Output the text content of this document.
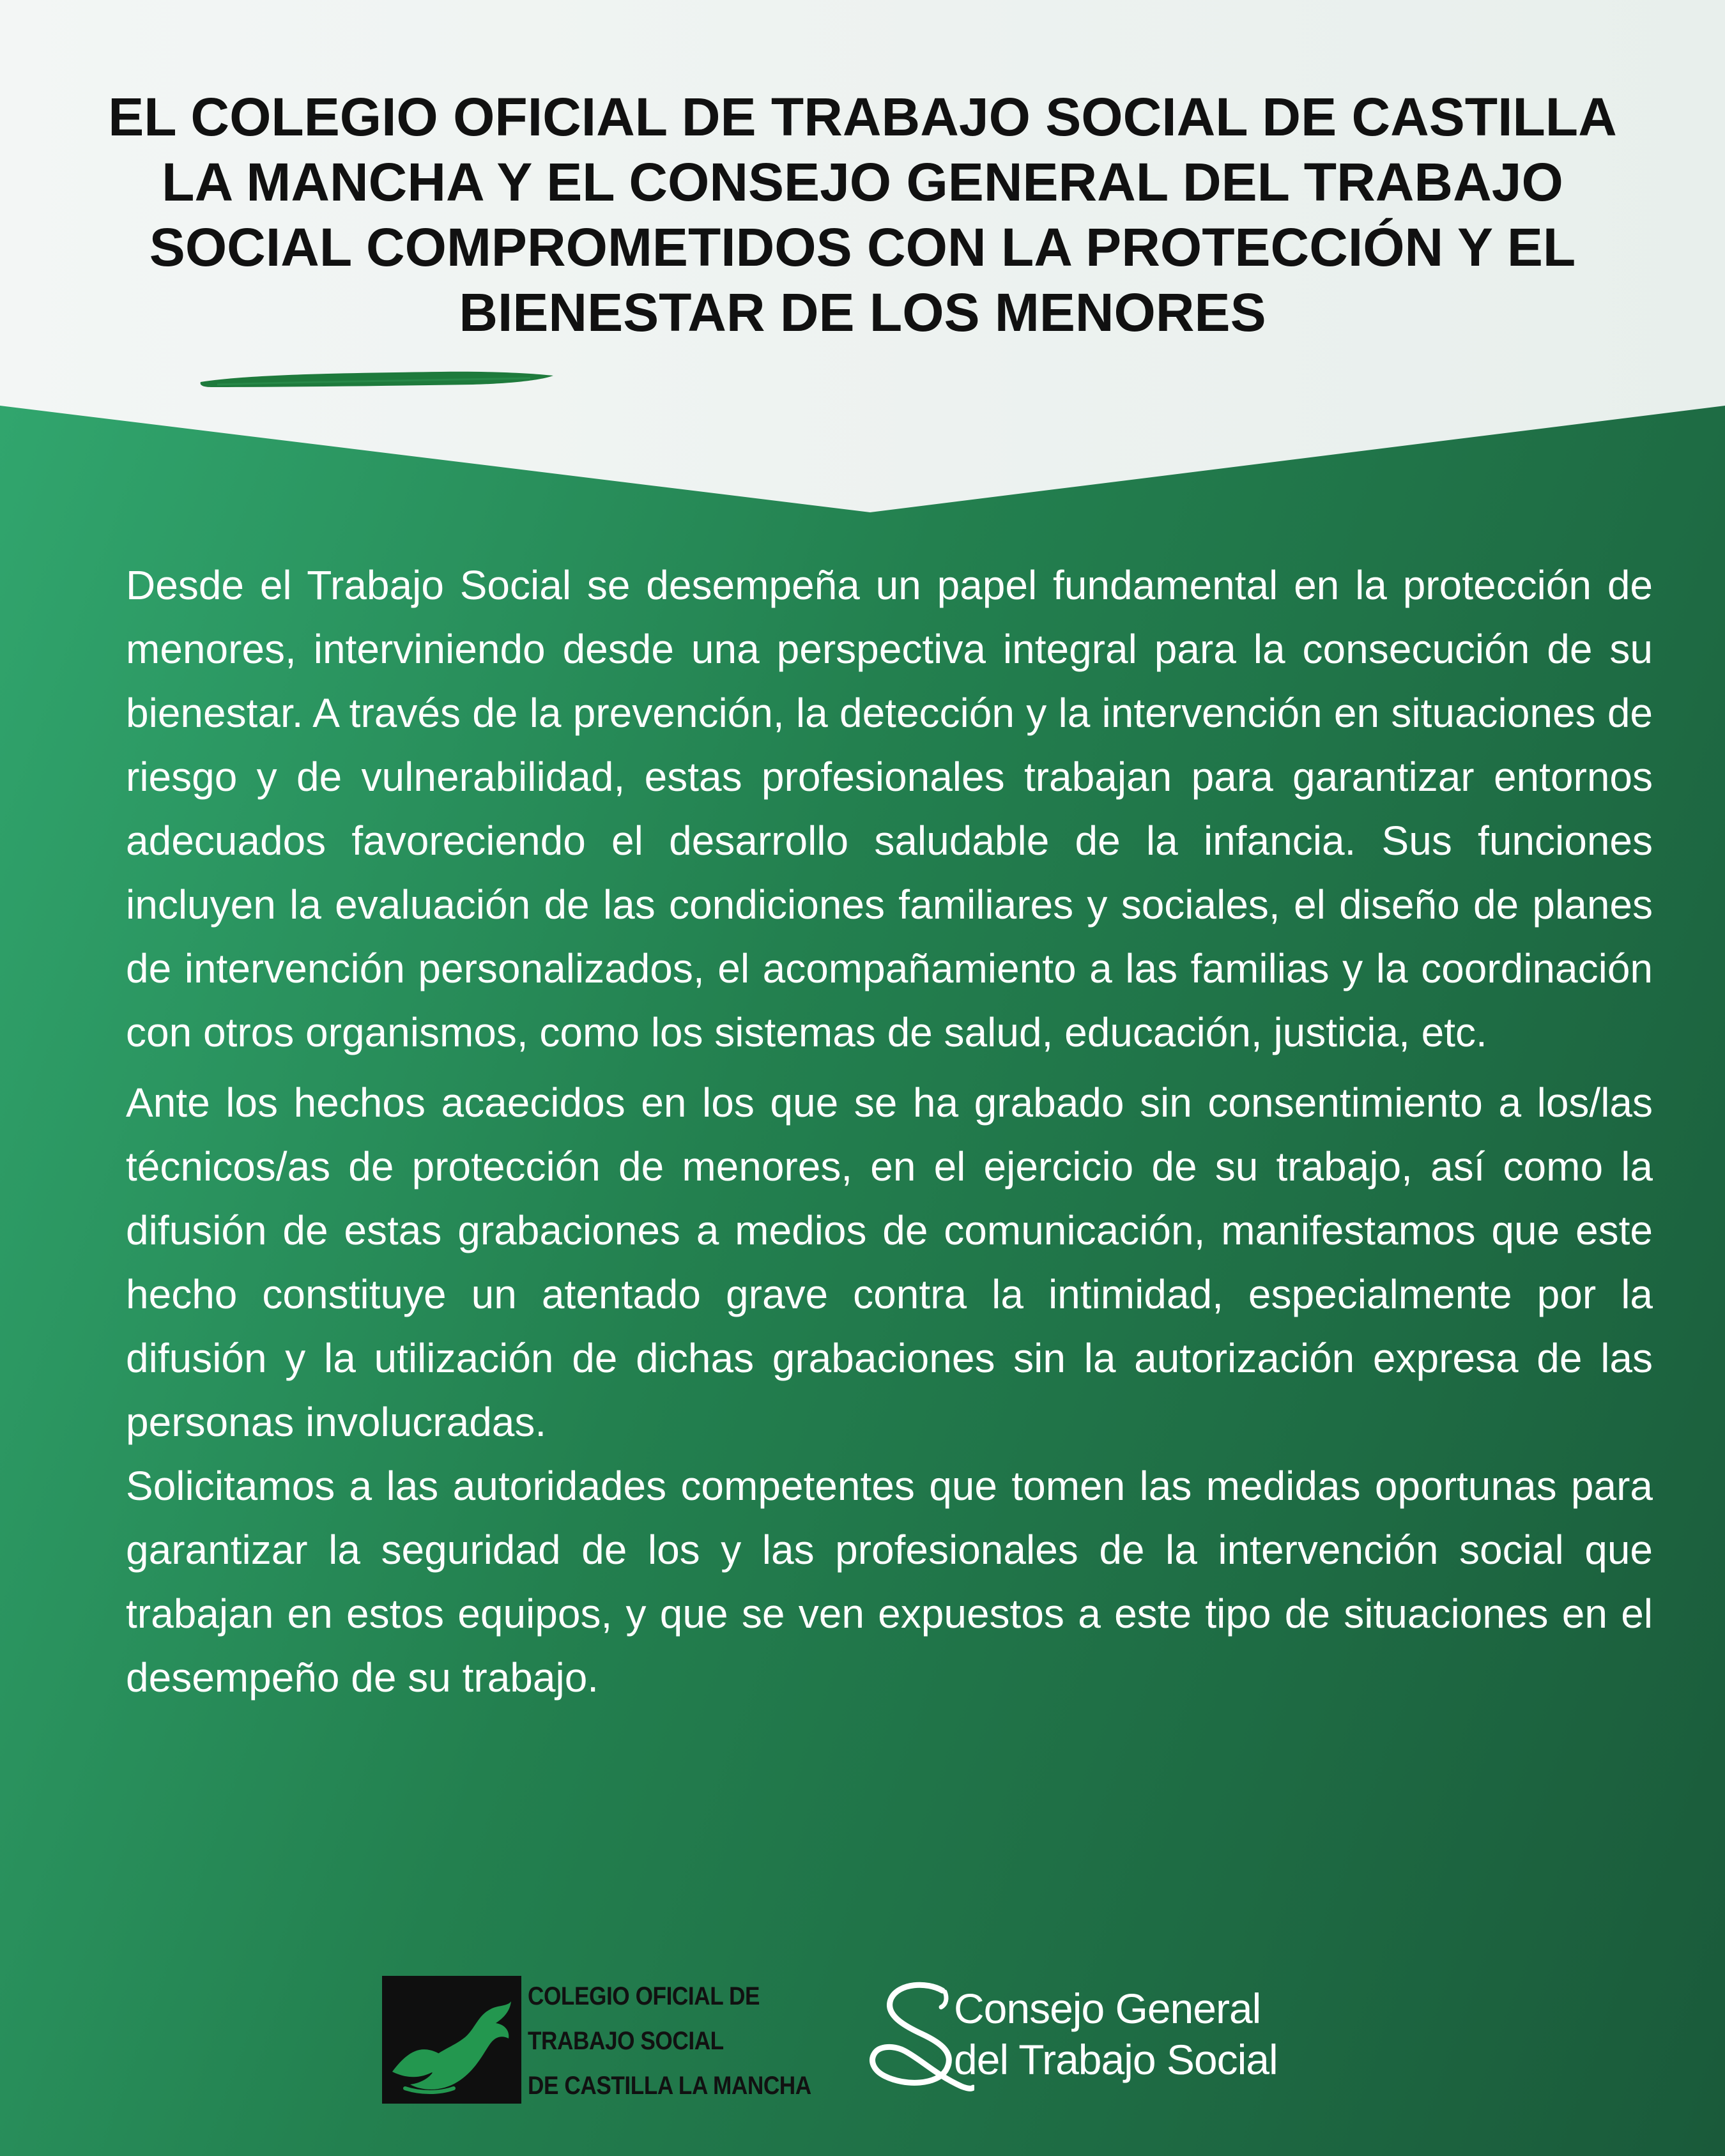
EL COLEGIO OFICIAL DE TRABAJO SOCIAL DE CASTILLA LA MANCHA Y EL CONSEJO GENERAL DEL TRABAJO SOCIAL COMPROMETIDOS CON LA PROTECCIÓN Y EL BIENESTAR DE LOS MENORES

Desde el Trabajo Social se desempeña un papel fundamental en la protección de menores, interviniendo desde una perspectiva integral para la consecución de su bienestar. A través de la prevención, la detección y la intervención en situaciones de riesgo y de vulnerabilidad, estas profesionales trabajan para garantizar entornos adecuados favoreciendo el desarrollo saludable de la infancia. Sus funciones incluyen la evaluación de las condiciones familiares y sociales, el diseño de planes de intervención personalizados, el acompañamiento a las familias y la coordinación con otros organismos, como los sistemas de salud, educación, justicia, etc.

Ante los hechos acaecidos en los que se ha grabado sin consentimiento a los/las técnicos/as de protección de menores, en el ejercicio de su trabajo, así como la difusión de estas grabaciones a medios de comunicación, manifestamos que este hecho constituye un atentado grave contra la intimidad, especialmente por la difusión y la utilización de dichas grabaciones sin la autorización expresa de las personas involucradas.

Solicitamos a las autoridades competentes que tomen las medidas oportunas para garantizar la seguridad de los y las profesionales de la intervención social que trabajan en estos equipos, y que se ven expuestos a este tipo de situaciones en el desempeño de su trabajo.

COLEGIO OFICIAL DE
TRABAJO SOCIAL
DE CASTILLA LA MANCHA
Consejo General
del Trabajo Social
